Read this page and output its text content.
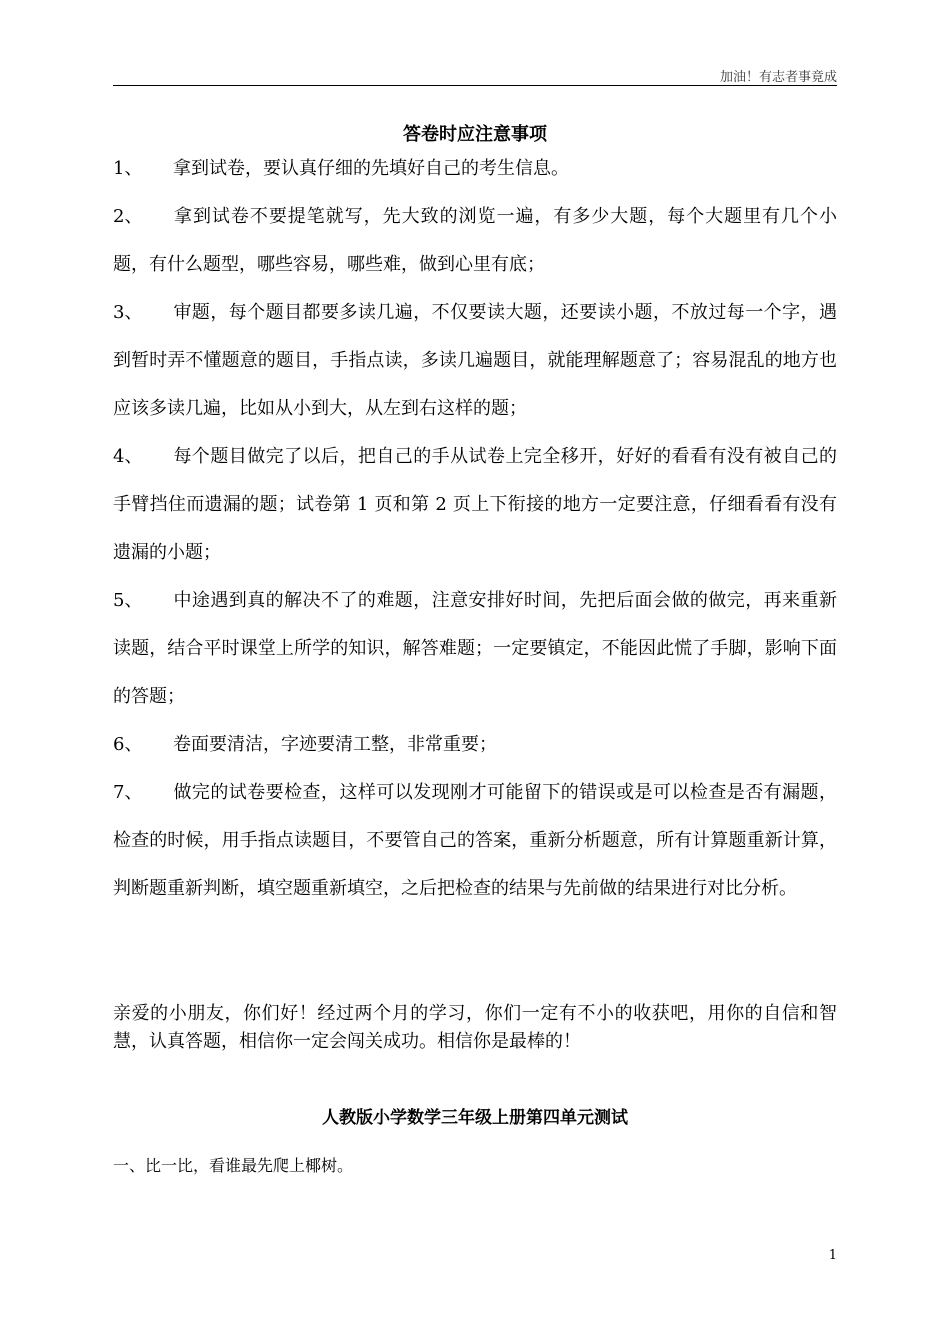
加油！有志者事竟成
答卷时应注意事项

1、 拿到试卷，要认真仔细的先填好自己的考生信息。

2、 拿到试卷不要提笔就写，先大致的浏览一遍，有多少大题，每个大题里有几个小题，有什么题型，哪些容易，哪些难，做到心里有底；

3、 审题，每个题目都要多读几遍，不仅要读大题，还要读小题，不放过每一个字，遇到暂时弄不懂题意的题目，手指点读，多读几遍题目，就能理解题意了；容易混乱的地方也应该多读几遍，比如从小到大，从左到右这样的题；

4、 每个题目做完了以后，把自己的手从试卷上完全移开，好好的看看有没有被自己的手臂挡住而遗漏的题；试卷第 1 页和第 2 页上下衔接的地方一定要注意，仔细看看有没有遗漏的小题；

5、 中途遇到真的解决不了的难题，注意安排好时间，先把后面会做的做完，再来重新读题，结合平时课堂上所学的知识，解答难题；一定要镇定，不能因此慌了手脚，影响下面的答题；

6、 卷面要清洁，字迹要清工整，非常重要；

7、 做完的试卷要检查，这样可以发现刚才可能留下的错误或是可以检查是否有漏题，检查的时候，用手指点读题目，不要管自己的答案，重新分析题意，所有计算题重新计算，判断题重新判断，填空题重新填空，之后把检查的结果与先前做的结果进行对比分析。

亲爱的小朋友，你们好！经过两个月的学习，你们一定有不小的收获吧，用你的自信和智慧，认真答题，相信你一定会闯关成功。相信你是最棒的！

人教版小学数学三年级上册第四单元测试
一、比一比，看谁最先爬上椰树。
1
